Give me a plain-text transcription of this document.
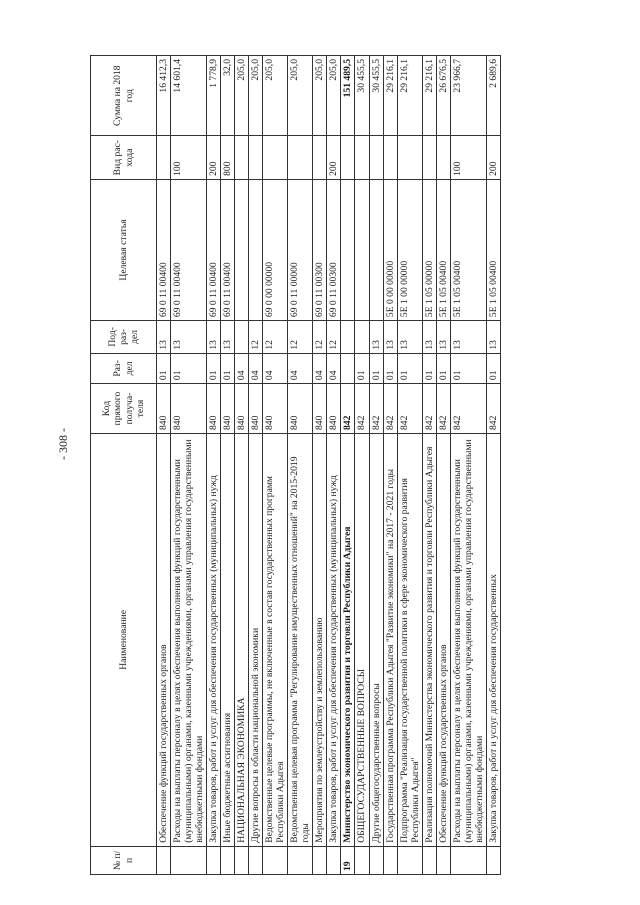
- 308 -
№ п/п	Наименование	Код прямого получа-теля	Раз-дел	Под-раз-дел	Целевая статья	Вид рас-хода	Сумма на 2018 год
	Обеспечение функций государственных органов	840	01	13	69 0 11 00400		16 412,3
	Расходы на выплаты персоналу в целях обеспечения выполнения функций государственными (муниципальными) органами, казенными учреждениями, органами управления государственными внебюджетными фондами	840	01	13	69 0 11 00400	100	14 601,4
	Закупка товаров, работ и услуг для обеспечения государственных (муниципальных) нужд	840	01	13	69 0 11 00400	200	1 778,9
	Иные бюджетные ассигнования	840	01	13	69 0 11 00400	800	32,0
	НАЦИОНАЛЬНАЯ ЭКОНОМИКА	840	04				205,0
	Другие вопросы в области национальной экономики	840	04	12			205,0
	Ведомственные целевые программы, не включенные в состав государственных программ Республики Адыгея	840	04	12	69 0 00 00000		205,0
	Ведомственная целевая программа "Регулирование имущественных отношений" на 2015-2019 годы	840	04	12	69 0 11 00000		205,0
	Мероприятия по землеустройству и землепользованию	840	04	12	69 0 11 00300		205,0
	Закупка товаров, работ и услуг для обеспечения государственных (муниципальных) нужд	840	04	12	69 0 11 00300	200	205,0
19	Министерство экономического развития и торговли Республики Адыгея	842					151 489,5
	ОБЩЕГОСУДАРСТВЕННЫЕ ВОПРОСЫ	842	01				30 455,5
	Другие общегосударственные вопросы	842	01	13			30 455,5
	Государственная программа Республики Адыгея "Развитие экономики" на 2017 - 2021 годы	842	01	13	5Е 0 00 00000		29 216,1
	Подпрограмма "Реализация государственной политики в сфере экономического развития Республики Адыгея"	842	01	13	5Е 1 00 00000		29 216,1
	Реализация полномочий Министерства экономического развития и торговли Республики Адыгея	842	01	13	5Е 1 05 00000		29 216,1
	Обеспечение функций государственных органов	842	01	13	5Е 1 05 00400		26 676,5
	Расходы на выплаты персоналу в целях обеспечения выполнения функций государственными (муниципальными) органами, казенными учреждениями, органами управления государственными внебюджетными фондами	842	01	13	5Е 1 05 00400	100	23 966,7
	Закупка товаров, работ и услуг для обеспечения государственных	842	01	13	5Е 1 05 00400	200	2 689,6
